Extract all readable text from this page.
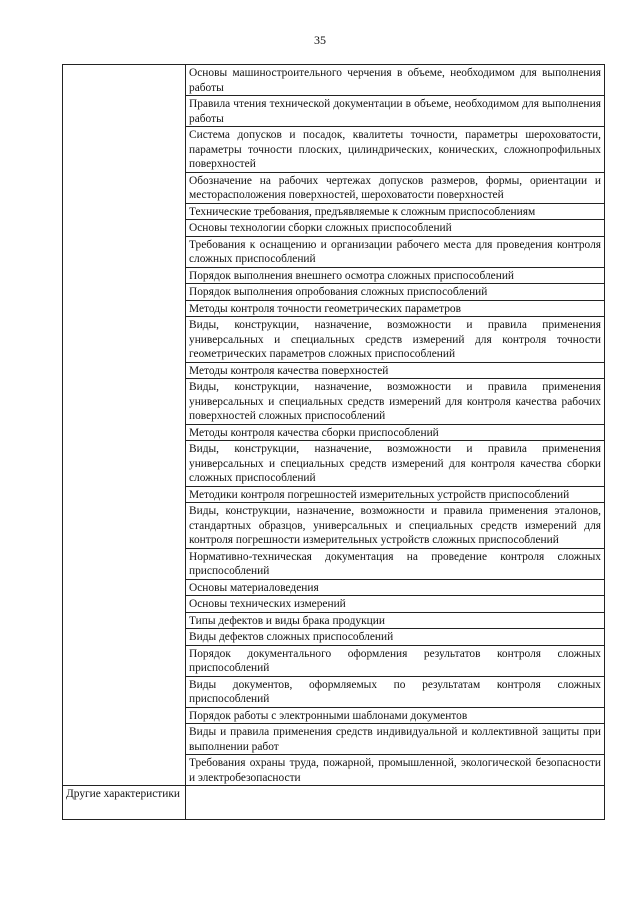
35
	Основы машиностроительного черчения в объеме, необходимом для выполнения работы
	Правила чтения технической документации в объеме, необходимом для выполнения работы
	Система допусков и посадок, квалитеты точности, параметры шероховатости, параметры точности плоских, цилиндрических, конических, сложнопрофильных поверхностей
	Обозначение на рабочих чертежах допусков размеров, формы, ориентации и месторасположения поверхностей, шероховатости поверхностей
	Технические требования, предъявляемые к сложным приспособлениям
	Основы технологии сборки сложных приспособлений
	Требования к оснащению и организации рабочего места для проведения контроля сложных приспособлений
	Порядок выполнения внешнего осмотра сложных приспособлений
	Порядок выполнения опробования сложных приспособлений
	Методы контроля точности геометрических параметров
	Виды, конструкции, назначение, возможности и правила применения универсальных и специальных средств измерений для контроля точности геометрических параметров сложных приспособлений
	Методы контроля качества поверхностей
	Виды, конструкции, назначение, возможности и правила применения универсальных и специальных средств измерений для контроля качества рабочих поверхностей сложных приспособлений
	Методы контроля качества сборки приспособлений
	Виды, конструкции, назначение, возможности и правила применения универсальных и специальных средств измерений для контроля качества сборки сложных приспособлений
	Методики контроля погрешностей измерительных устройств приспособлений
	Виды, конструкции, назначение, возможности и правила применения эталонов, стандартных образцов, универсальных и специальных средств измерений для контроля погрешности измерительных устройств сложных приспособлений
	Нормативно-техническая документация на проведение контроля сложных приспособлений
	Основы материаловедения
	Основы технических измерений
	Типы дефектов и виды брака продукции
	Виды дефектов сложных приспособлений
	Порядок документального оформления результатов контроля сложных приспособлений
	Виды документов, оформляемых по результатам контроля сложных приспособлений
	Порядок работы с электронными шаблонами документов
	Виды и правила применения средств индивидуальной и коллективной защиты при выполнении работ
	Требования охраны труда, пожарной, промышленной, экологической безопасности и электробезопасности

Другие характеристики	
